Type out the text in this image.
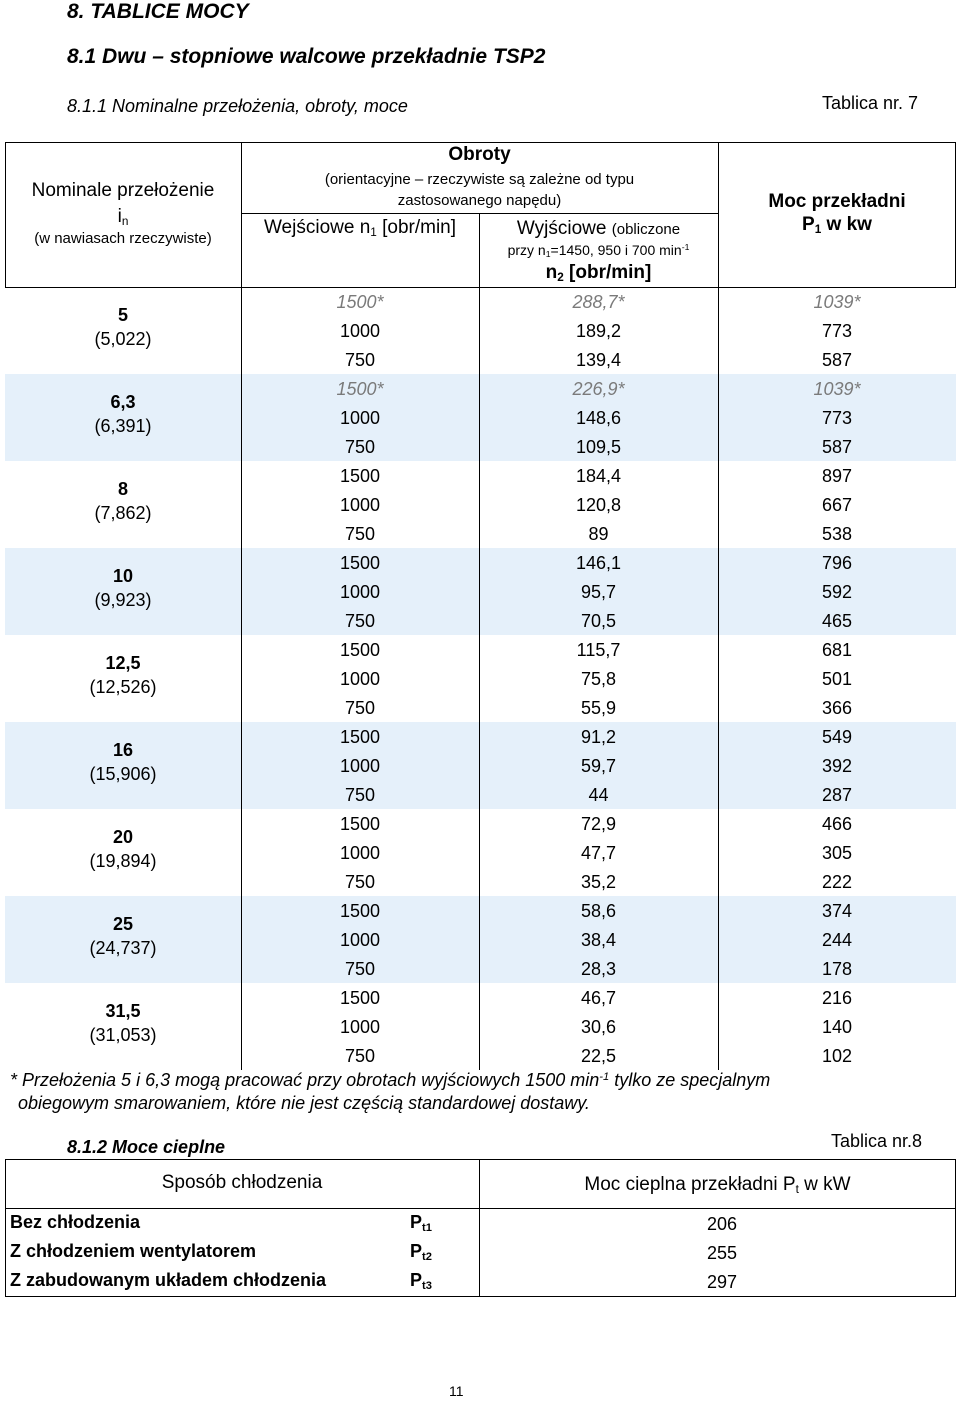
8. TABLICE MOCY
8.1 Dwu – stopniowe walcowe przekładnie TSP2
8.1.1 Nominalne przełożenia, obroty, moce	Tablica nr. 7
Nominale przełożenie
$i_n$
(w nawiasach rzeczywiste)
Obroty
(orientacyjne – rzeczywiste są zależne od typu
zastosowanego napędu)
Wejściowe $n_1$ [obr/min]	Wyjściowe (obliczone
przy $n_1=1450$, 950 i 700 $\min^{-1}$
$n_2$ [obr/min]
Moc przekładni
$P_1$ w kw
5
(5,022)
1500*	288,7*	1039*
1000	189,2	773
750	139,4	587
6,3
(6,391)
1500*	226,9*	1039*
1000	148,6	773
750	109,5	587
8
(7,862)
1500	184,4	897
1000	120,8	667
750	89	538
10
(9,923)
1500	146,1	796
1000	95,7	592
750	70,5	465
12,5
(12,526)
1500	115,7	681
1000	75,8	501
750	55,9	366
16
(15,906)
1500	91,2	549
1000	59,7	392
750	44	287
20
(19,894)
1500	72,9	466
1000	47,7	305
750	35,2	222
25
(24,737)
1500	58,6	374
1000	38,4	244
750	28,3	178
31,5
(31,053)
1500	46,7	216
1000	30,6	140
750	22,5	102
* Przełożenia 5 i 6,3 mogą pracować przy obrotach wyjściowych 1500 $\min^{-1}$ tylko ze specjalnym
obiegowym smarowaniem, które nie jest częścią standardowej dostawy.
8.1.2 Moce cieplne	Tablica nr.8
Sposób chłodzenia	Moc cieplna przekładni $P_t$ w kW
Bez chłodzenia	$P_{t1}$	206
Z chłodzeniem wentylatorem	$P_{t2}$	255
Z zabudowanym układem chłodzenia	$P_{t3}$	297
11
